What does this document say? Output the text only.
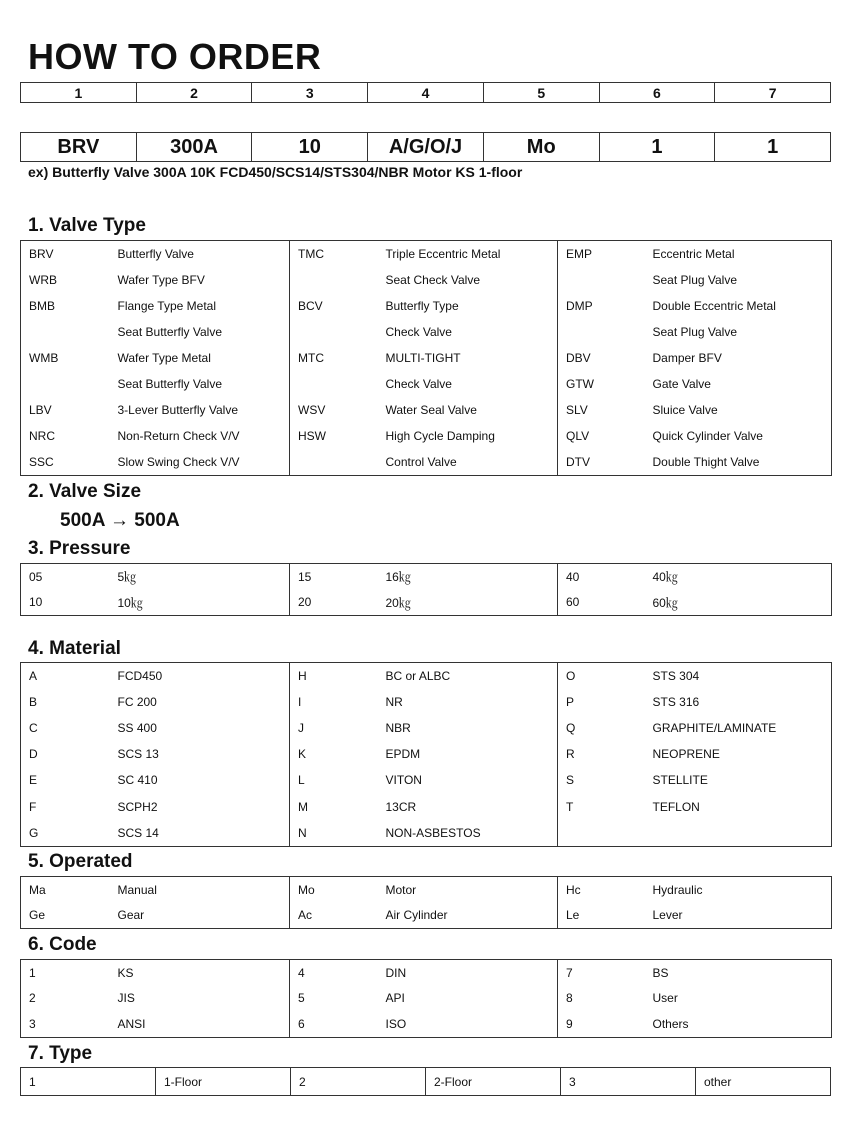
HOW TO ORDER
1	2	3	4	5	6	7
BRV	300A	10	A/G/O/J	Mo	1	1
ex) Butterfly Valve 300A 10K FCD450/SCS14/STS304/NBR Motor KS 1-floor
1. Valve Type
BRV	Butterfly Valve	TMC	Triple Eccentric Metal	EMP	Eccentric Metal
WRB	Wafer Type BFV		Seat Check Valve		Seat Plug Valve
BMB	Flange Type Metal	BCV	Butterfly Type	DMP	Double Eccentric Metal
	Seat Butterfly Valve		Check Valve		Seat Plug Valve
WMB	Wafer Type Metal	MTC	MULTI-TIGHT	DBV	Damper BFV
	Seat Butterfly Valve		Check Valve	GTW	Gate Valve
LBV	3-Lever Butterfly Valve	WSV	Water Seal Valve	SLV	Sluice Valve
NRC	Non-Return Check V/V	HSW	High Cycle Damping	QLV	Quick Cylinder Valve
SSC	Slow Swing Check V/V		Control Valve	DTV	Double Thight Valve
2. Valve Size
500A → 500A
3. Pressure
05	5㎏	15	16㎏	40	40㎏
10	10㎏	20	20㎏	60	60㎏
4. Material
A	FCD450	H	BC or ALBC	O	STS 304
B	FC 200	I	NR	P	STS 316
C	SS 400	J	NBR	Q	GRAPHITE/LAMINATE
D	SCS 13	K	EPDM	R	NEOPRENE
E	SC 410	L	VITON	S	STELLITE
F	SCPH2	M	13CR	T	TEFLON
G	SCS 14	N	NON-ASBESTOS		
5. Operated
Ma	Manual	Mo	Motor	Hc	Hydraulic
Ge	Gear	Ac	Air Cylinder	Le	Lever
6. Code
1	KS	4	DIN	7	BS
2	JIS	5	API	8	User
3	ANSI	6	ISO	9	Others
7. Type
1	1-Floor	2	2-Floor	3	other
